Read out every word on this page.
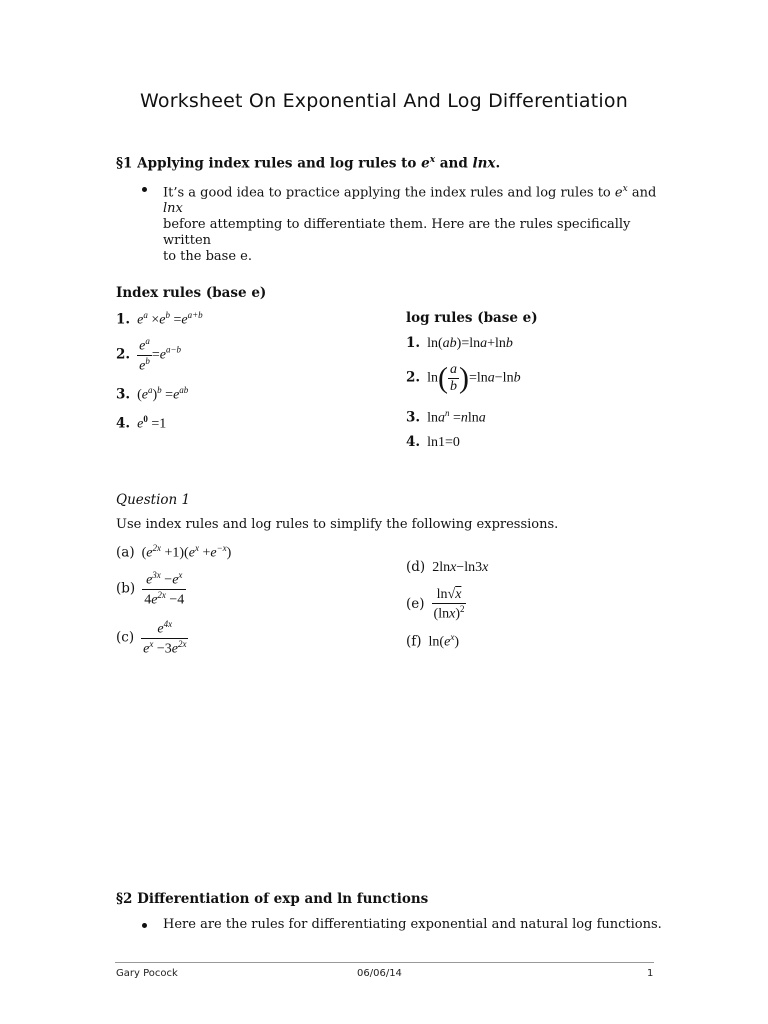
Worksheet On Exponential And Log Differentiation
§1 Applying index rules and log rules to $e^x$ and lnx.
It’s a good idea to practice applying the index rules and log rules to $e^x$ and lnx
before attempting to differentiate them. Here are the rules specifically written
to the base e.
Index rules (base e)
1.  $e^a \times e^b =e^{a+b}$
2. $\frac{e^a}{e^b} =e^{a-b}$
3. $(e^a)^b =e^{ab}$
4.  $e^0 =1$
log rules (base e)
1. ln(ab)=lna+lnb
2. $\ln( \frac{a}{b} )=\ln a-\ln b$
3. lna$^n$ =nlna
4. ln1=0
Question 1
Use index rules and log rules to simplify the following expressions.
(a) $(e^{2x} +1)(e^x +e^{-x})$
$(b) \frac{e^{3x} -e^x}{4e^{2x} -4}$
$(c) \frac{e^{4x}}{e^x -3e^{2x}}$
(d) 2lnx−ln3x
$(e) \frac{\ln√x}{(\ln x)^2}$
(f) $\ln(e^x)$
§2 Differentiation of exp and ln functions
Here are the rules for differentiating exponential and natural log functions.
Gary Pocock	06/06/14	1
